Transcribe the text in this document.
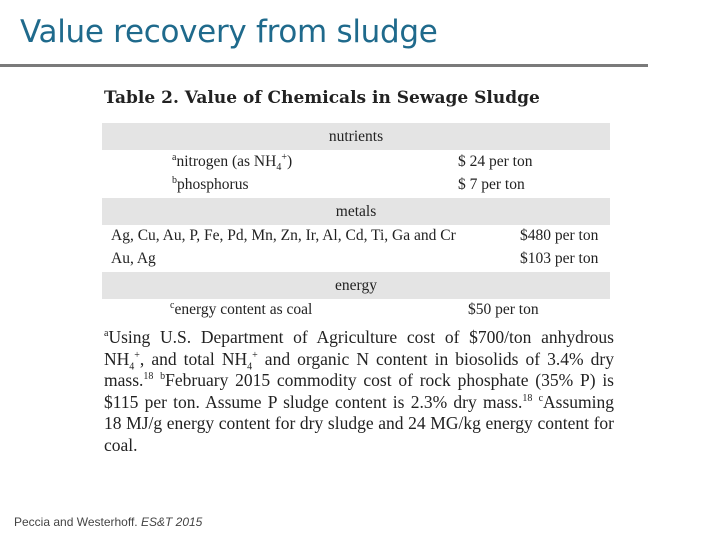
Value recovery from sludge
Table 2. Value of Chemicals in Sewage Sludge
nutrients
$^a$nitrogen (as $NH_4^+$)	$ 24 per ton
$^b$phosphorus	$ 7 per ton
metals
Ag, Cu, Au, P, Fe, Pd, Mn, Zn, Ir, Al, Cd, Ti, Ga and Cr	$480 per ton
Au, Ag	$103 per ton
energy
$^c$energy content as coal	$50 per ton
$^a$Using U.S. Department of Agriculture cost of $700/ton anhydrous $NH_4^+$, and total $NH_4^+$ and organic N content in biosolids of 3.4% dry mass.$^{18}$ $^b$February 2015 commodity cost of rock phosphate (35% P) is $115 per ton. Assume P sludge content is 2.3% dry mass.$^{18}$ $^c$Assuming 18 MJ/g energy content for dry sludge and 24 MG/kg energy content for coal.
Peccia and Westerhoff. ES&T 2015
